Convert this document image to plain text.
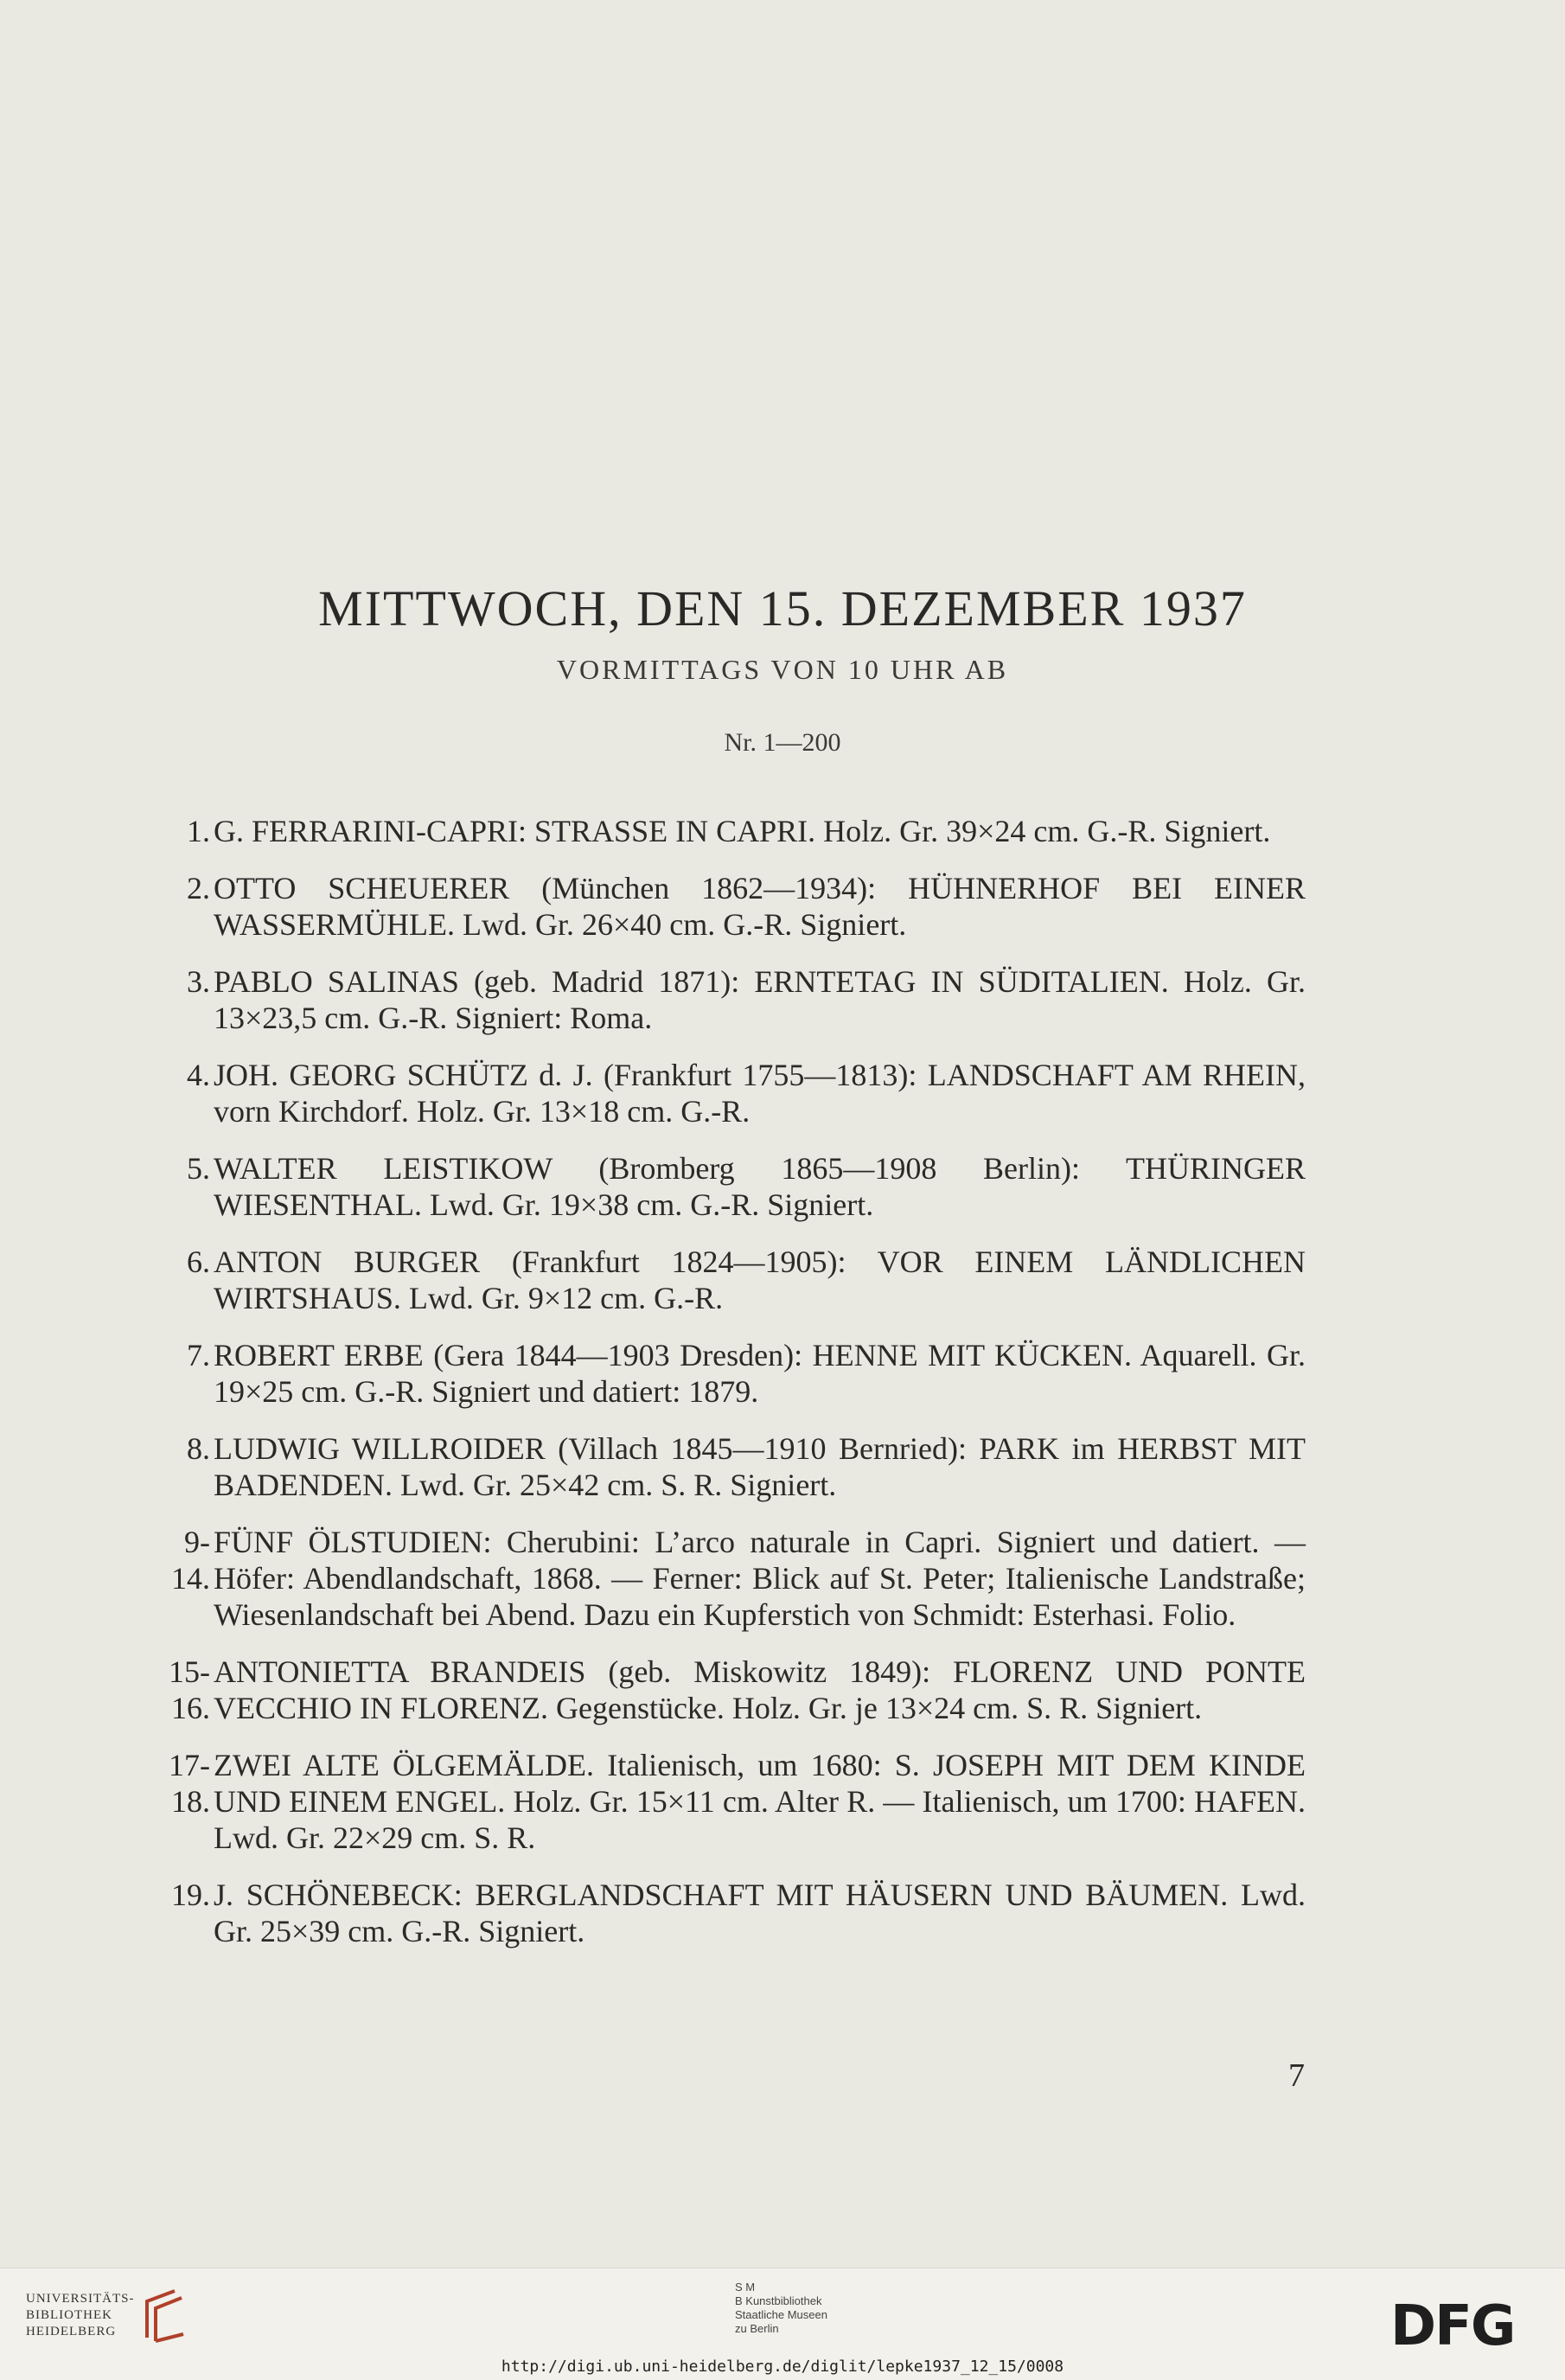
MITTWOCH, DEN 15. DEZEMBER 1937
VORMITTAGS VON 10 UHR AB
Nr. 1—200
1. G. FERRARINI-CAPRI: STRASSE IN CAPRI. Holz. Gr. 39×24 cm. G.-R. Signiert.
2. OTTO SCHEUERER (München 1862—1934): HÜHNERHOF BEI EINER WASSERMÜHLE. Lwd. Gr. 26×40 cm. G.-R. Signiert.
3. PABLO SALINAS (geb. Madrid 1871): ERNTETAG IN SÜDITALIEN. Holz. Gr. 13×23,5 cm. G.-R. Signiert: Roma.
4. JOH. GEORG SCHÜTZ d. J. (Frankfurt 1755—1813): LANDSCHAFT AM RHEIN, vorn Kirchdorf. Holz. Gr. 13×18 cm. G.-R.
5. WALTER LEISTIKOW (Bromberg 1865—1908 Berlin): THÜRINGER WIESENTHAL. Lwd. Gr. 19×38 cm. G.-R. Signiert.
6. ANTON BURGER (Frankfurt 1824—1905): VOR EINEM LÄNDLICHEN WIRTSHAUS. Lwd. Gr. 9×12 cm. G.-R.
7. ROBERT ERBE (Gera 1844—1903 Dresden): HENNE MIT KÜCKEN. Aquarell. Gr. 19×25 cm. G.-R. Signiert und datiert: 1879.
8. LUDWIG WILLROIDER (Villach 1845—1910 Bernried): PARK im HERBST MIT BADENDEN. Lwd. Gr. 25×42 cm. S. R. Signiert.
9-14.
FÜNF ÖLSTUDIEN: Cherubini: L’arco naturale in Capri. Signiert und datiert. — Höfer: Abendlandschaft, 1868. — Ferner: Blick auf St. Peter; Italienische Landstraße; Wiesenlandschaft bei Abend. Dazu ein Kupferstich von Schmidt: Esterhasi. Folio.
15-16.
ANTONIETTA BRANDEIS (geb. Miskowitz 1849): FLORENZ UND PONTE VECCHIO IN FLORENZ. Gegenstücke. Holz. Gr. je 13×24 cm. S. R. Signiert.
17-18.
ZWEI ALTE ÖLGEMÄLDE. Italienisch, um 1680: S. JOSEPH MIT DEM KINDE UND EINEM ENGEL. Holz. Gr. 15×11 cm. Alter R. — Italienisch, um 1700: HAFEN. Lwd. Gr. 22×29 cm. S. R.
19. J. SCHÖNEBECK: BERGLANDSCHAFT MIT HÄUSERN UND BÄUMEN. Lwd. Gr. 25×39 cm. G.-R. Signiert.
7
UNIVERSITÄTS-
BIBLIOTHEK
HEIDELBERG
S M
B Kunstbibliothek
Staatliche Museen
zu Berlin	DFG
http://digi.ub.uni-heidelberg.de/diglit/lepke1937_12_15/0008
